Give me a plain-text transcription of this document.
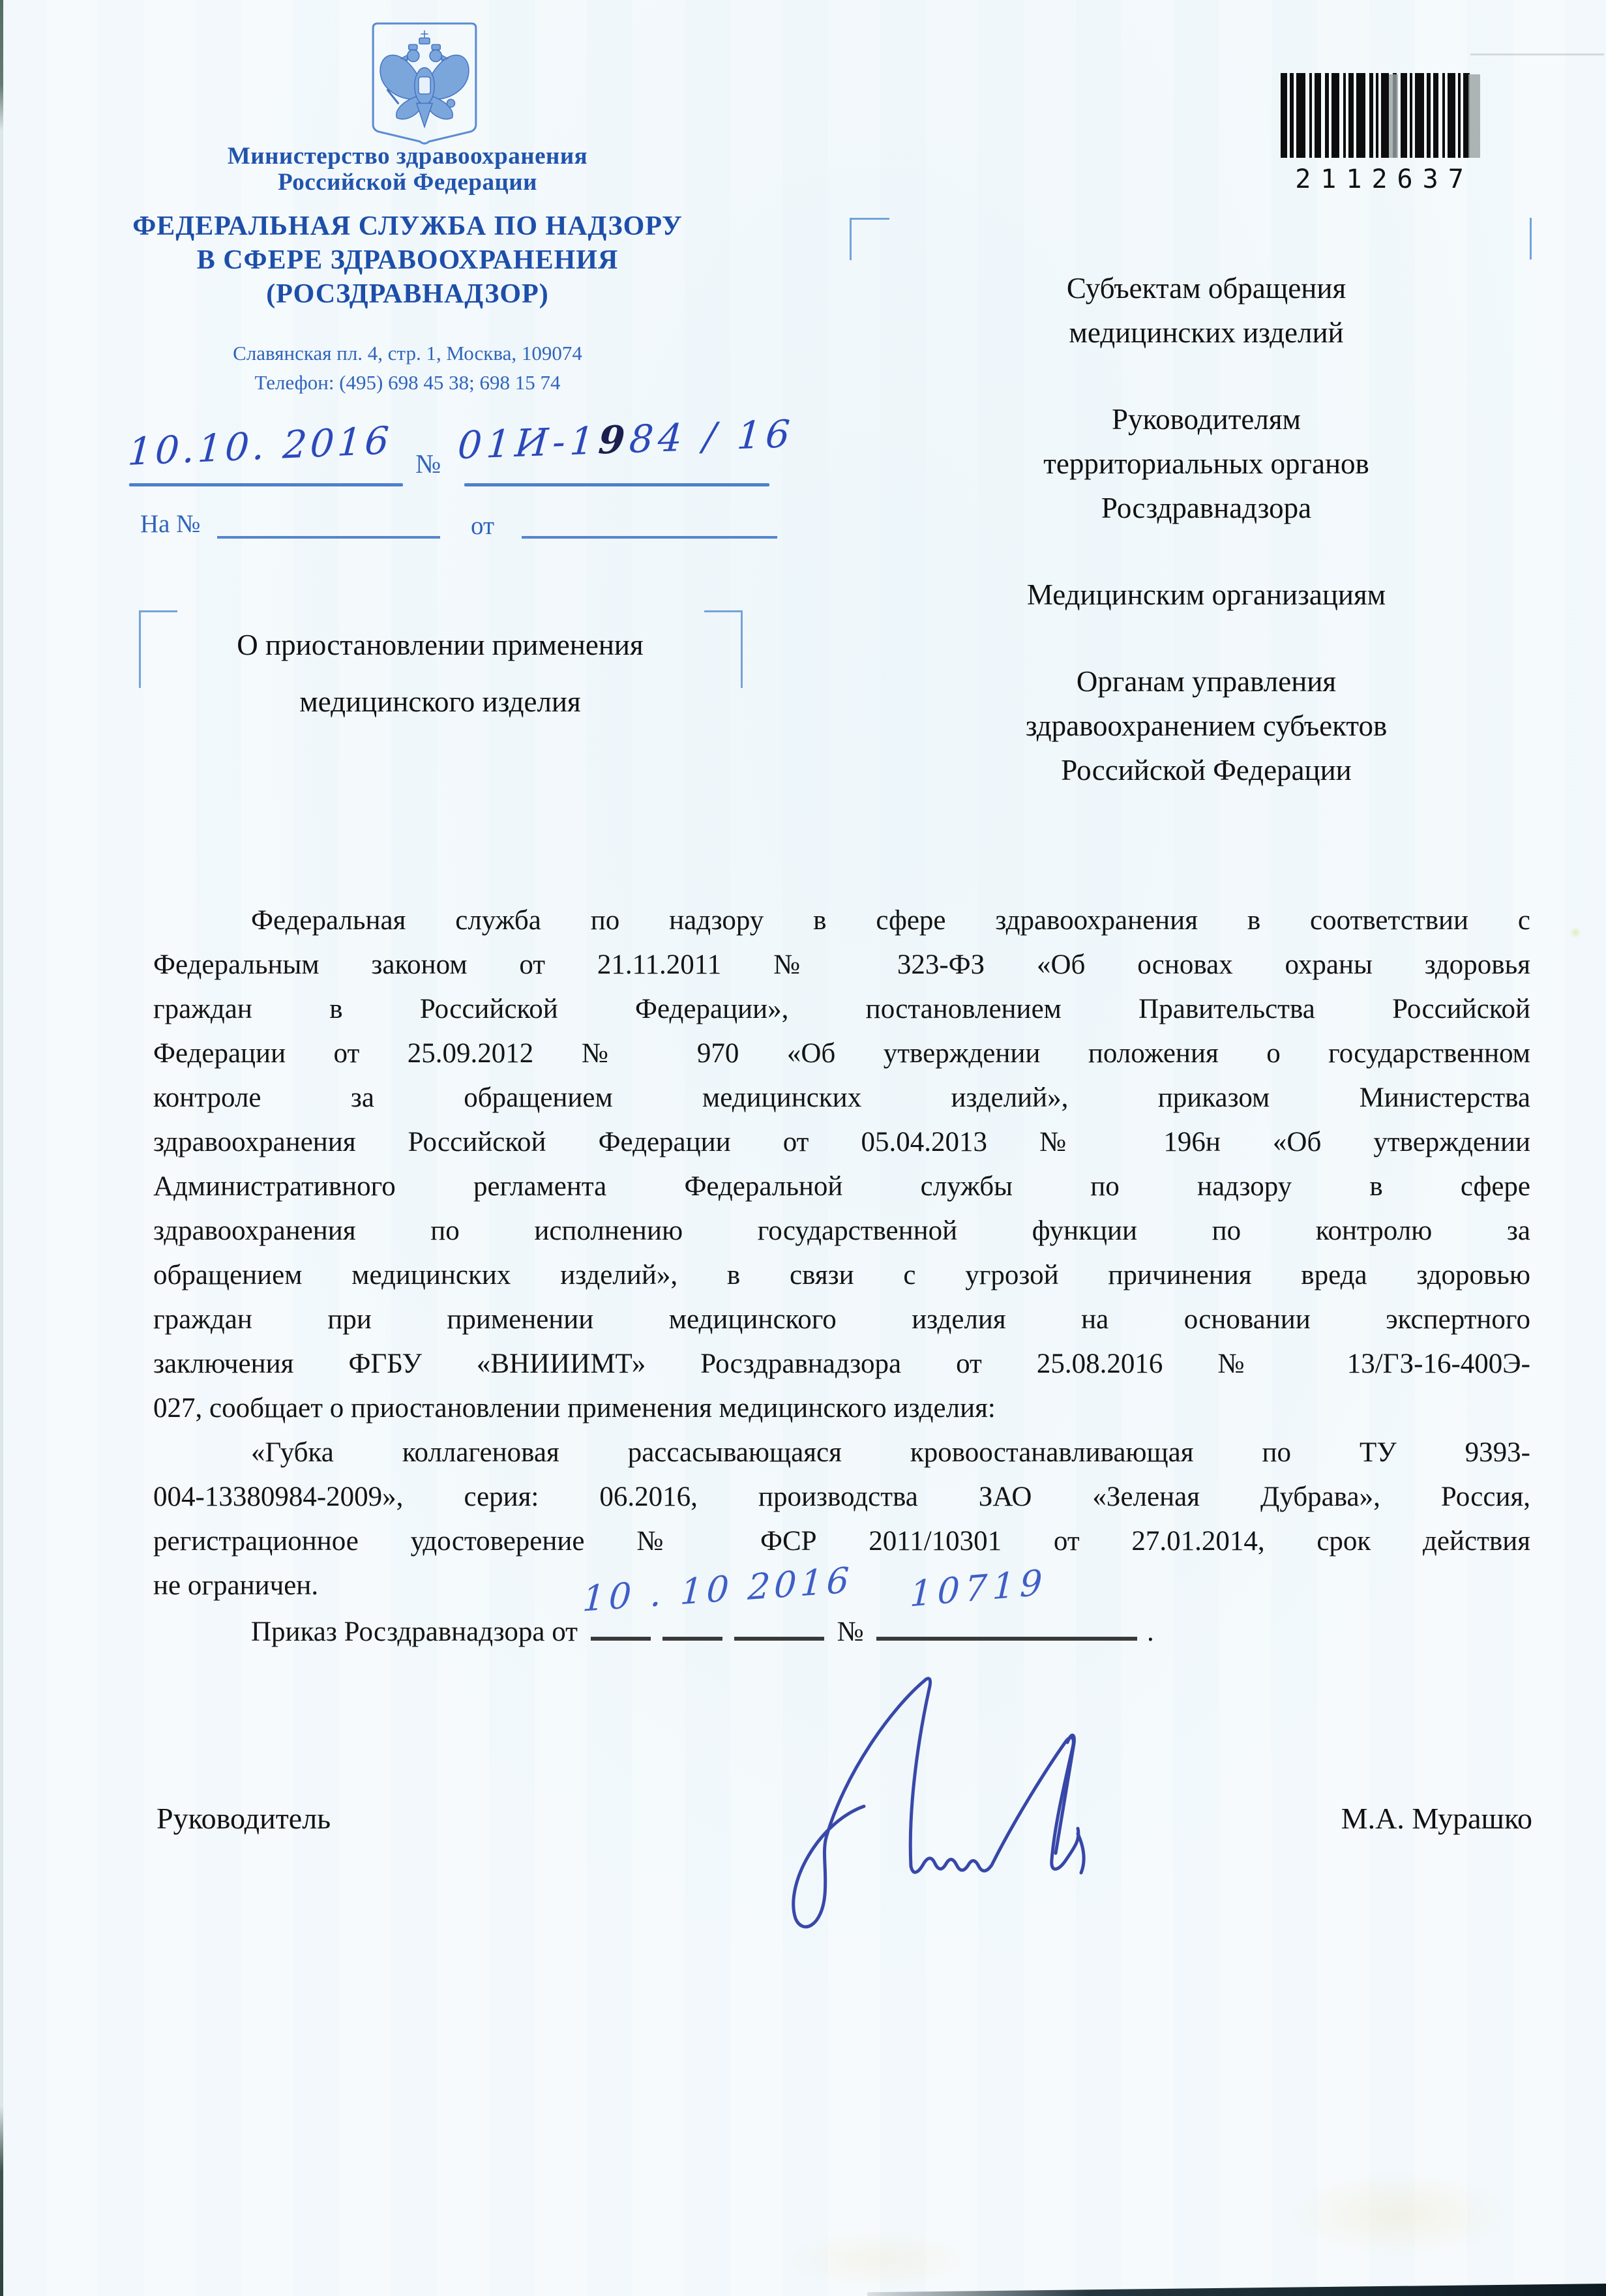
Министерство здравоохранения
Российской Федерации
ФЕДЕРАЛЬНАЯ СЛУЖБА ПО НАДЗОРУ
В СФЕРЕ ЗДРАВООХРАНЕНИЯ
(РОСЗДРАВНАДЗОР)
Славянская пл. 4, стр. 1, Москва, 109074
Телефон: (495) 698 45 38; 698 15 74
2112637
10.10. 2016 № 01И-1984 / 16
На №	от
Субъектам обращения
медицинских изделий
Руководителям
территориальных органов
Росздравнадзора
Медицинским организациям
Органам управления
здравоохранением субъектов
Российской Федерации
О приостановлении применения
медицинского изделия
Федеральная служба по надзору в сфере здравоохранения в соответствии с
Федеральным законом от 21.11.2011 № 323-ФЗ «Об основах охраны здоровья
граждан в Российской Федерации», постановлением Правительства Российской
Федерации от 25.09.2012 № 970 «Об утверждении положения о государственном
контроле за обращением медицинских изделий», приказом Министерства
здравоохранения Российской Федерации от 05.04.2013 № 196н «Об утверждении
Административного регламента Федеральной службы по надзору в сфере
здравоохранения по исполнению государственной функции по контролю за
обращением медицинских изделий», в связи с угрозой причинения вреда здоровью
граждан при применении медицинского изделия на основании экспертного
заключения ФГБУ «ВНИИИМТ» Росздравнадзора от 25.08.2016 № 13/ГЗ-16-400Э-
027, сообщает о приостановлении применения медицинского изделия:
«Губка коллагеновая рассасывающаяся кровоостанавливающая по ТУ 9393-
004-13380984-2009», серия: 06.2016, производства ЗАО «Зеленая Дубрава», Россия,
регистрационное удостоверение № ФСР 2011/10301 от 27.01.2014, срок действия
не ограничен.
Приказ Росздравнадзора от
10 . 10 2016
№
10719
.
Руководитель	М.А. Мурашко
